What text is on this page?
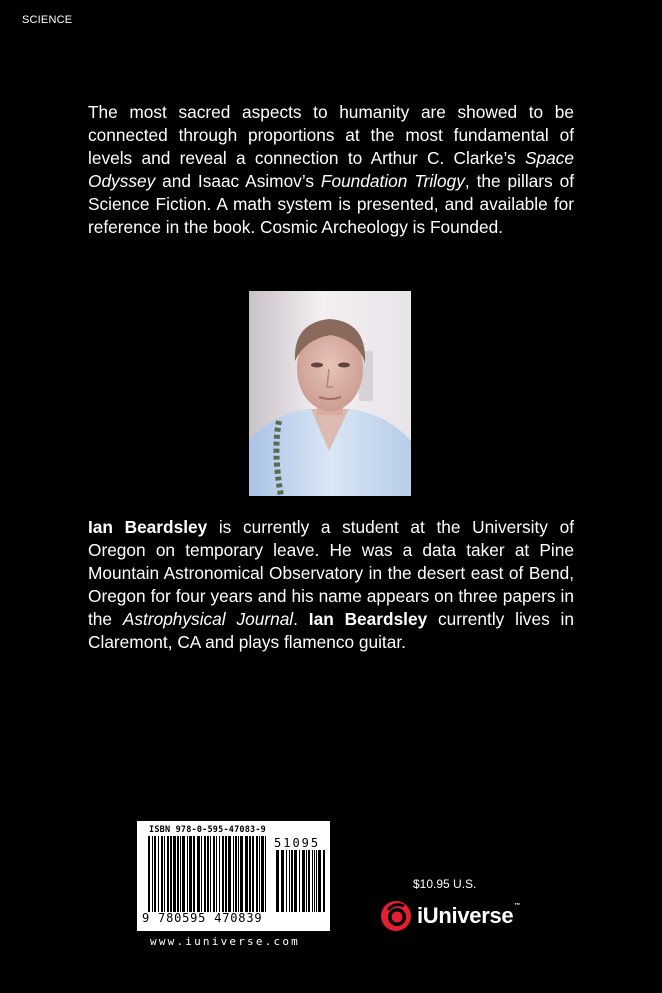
SCIENCE

The most sacred aspects to humanity are showed to be connected through proportions at the most fundamental of levels and reveal a connection to Arthur C. Clarke’s Space Odyssey and Isaac Asimov’s Foundation Trilogy, the pillars of Science Fiction. A math system is presented, and available for reference in the book. Cosmic Archeology is Founded.

Ian Beardsley is currently a student at the University of Oregon on temporary leave. He was a data taker at Pine Mountain Astronomical Observatory in the desert east of Bend, Oregon for four years and his name appears on three papers in the Astrophysical Journal. Ian Beardsley currently lives in Claremont, CA and plays flamenco guitar.

ISBN 978-0-595-47083-9
51095
9 780595 470839
www.iuniverse.com
$10.95 U.S.
iUniverse™
